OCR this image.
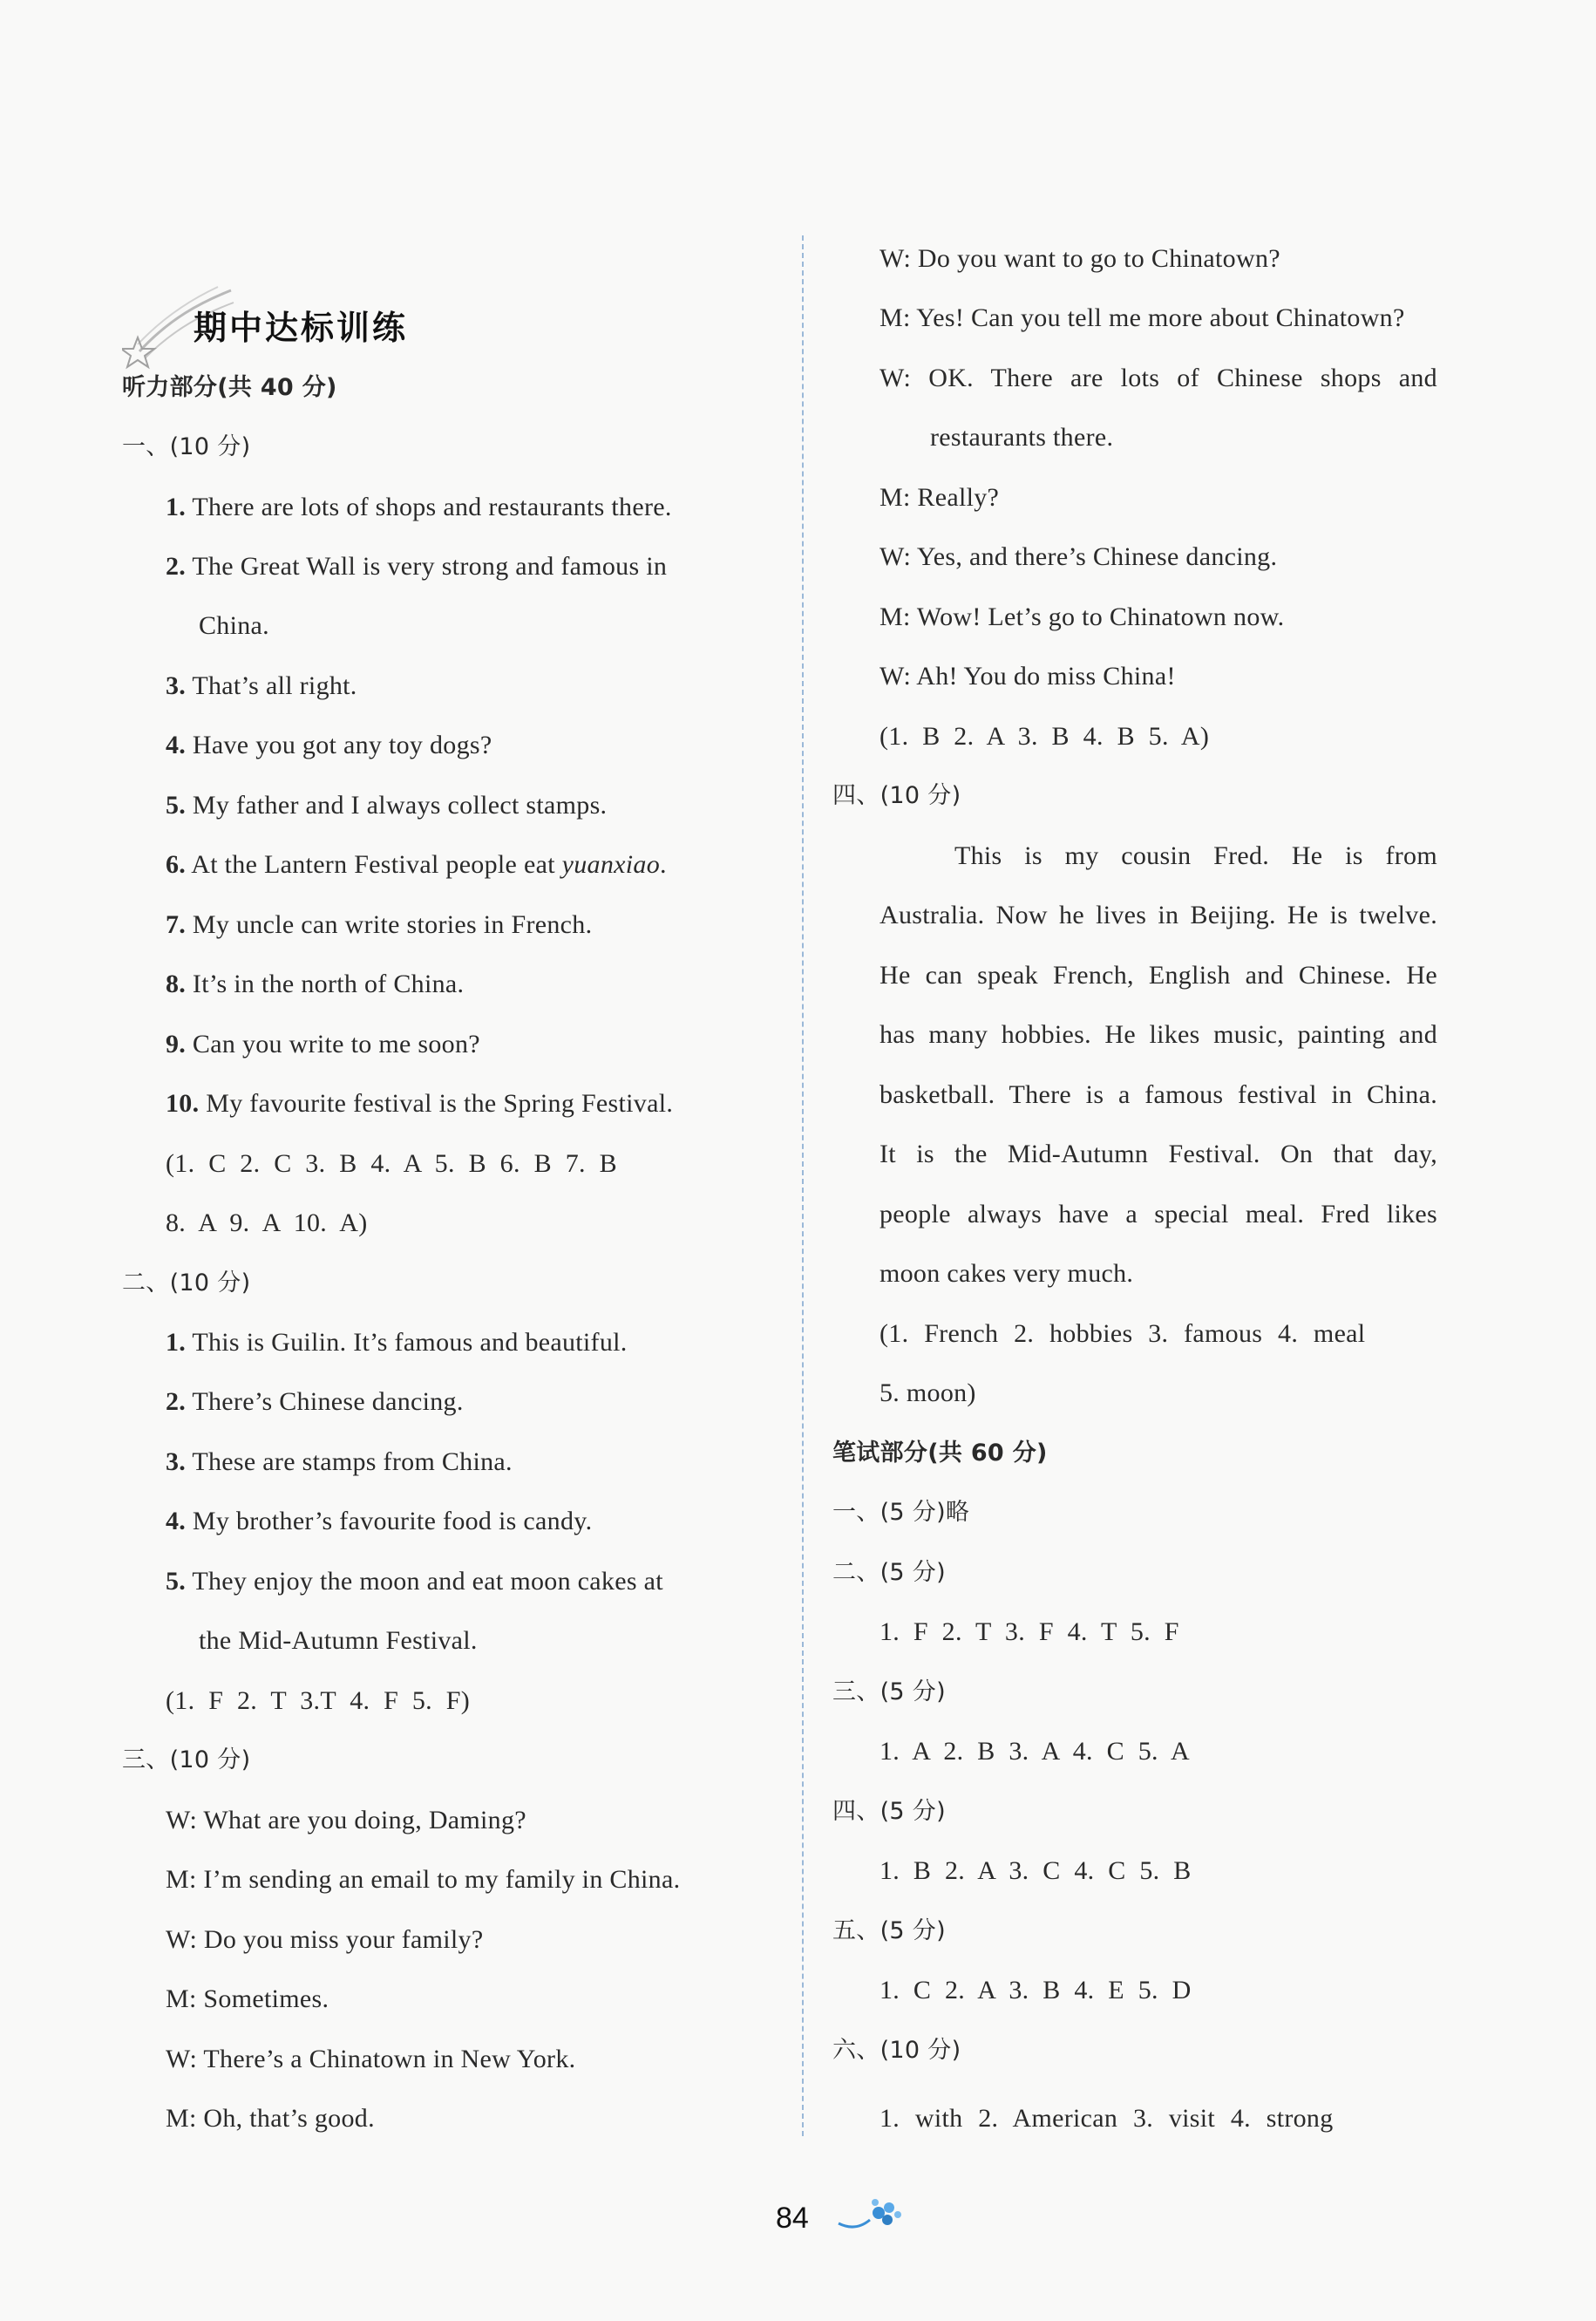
期中达标训练
听力部分(共 40 分)
一、(10 分)
1. There are lots of shops and restaurants there.
2. The Great Wall is very strong and famous in
China.
3. That’s all right.
4. Have you got any toy dogs?
5. My father and I always collect stamps.
6. At the Lantern Festival people eat yuanxiao.
7. My uncle can write stories in French.
8. It’s in the north of China.
9. Can you write to me soon?
10. My favourite festival is the Spring Festival.
(1. C 2. C 3. B 4. A 5. B 6. B 7. B
8. A 9. A 10. A)
二、(10 分)
1. This is Guilin. It’s famous and beautiful.
2. There’s Chinese dancing.
3. These are stamps from China.
4. My brother’s favourite food is candy.
5. They enjoy the moon and eat moon cakes at
the Mid-Autumn Festival.
(1. F 2. T 3.T 4. F 5. F)
三、(10 分)
W: What are you doing, Daming?
M: I’m sending an email to my family in China.
W: Do you miss your family?
M: Sometimes.
W: There’s a Chinatown in New York.
M: Oh, that’s good.
W: Do you want to go to Chinatown?
M: Yes! Can you tell me more about Chinatown?
W: OK. There are lots of Chinese shops and
restaurants there.
M: Really?
W: Yes, and there’s Chinese dancing.
M: Wow! Let’s go to Chinatown now.
W: Ah! You do miss China!
(1. B 2. A 3. B 4. B 5. A)
四、(10 分)
This is my cousin Fred. He is from
Australia. Now he lives in Beijing. He is twelve.
He can speak French, English and Chinese. He
has many hobbies. He likes music, painting and
basketball. There is a famous festival in China.
It is the Mid-Autumn Festival. On that day,
people always have a special meal. Fred likes
moon cakes very much.
(1. French 2. hobbies 3. famous 4. meal
5. moon)
笔试部分(共 60 分)
一、(5 分)略
二、(5 分)
1. F 2. T 3. F 4. T 5. F
三、(5 分)
1. A 2. B 3. A 4. C 5. A
四、(5 分)
1. B 2. A 3. C 4. C 5. B
五、(5 分)
1. C 2. A 3. B 4. E 5. D
六、(10 分)
1. with 2. American 3. visit 4. strong
84
